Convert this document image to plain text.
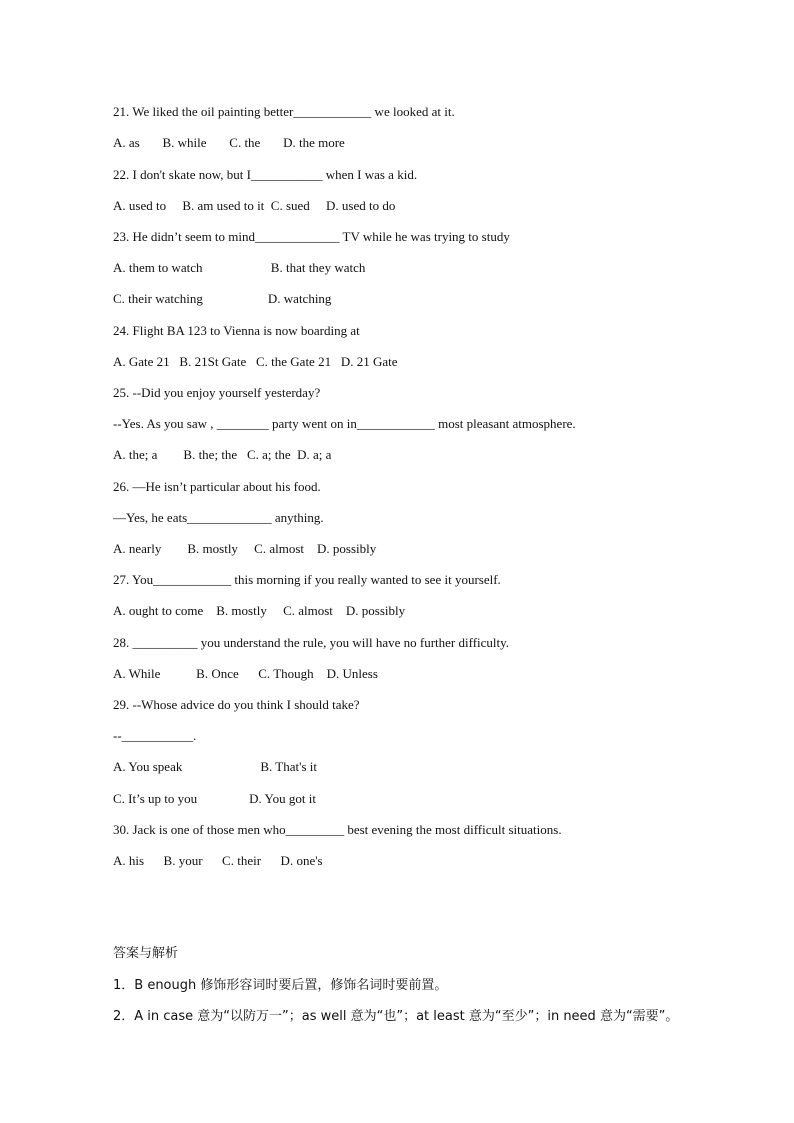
21. We liked the oil painting better____________ we looked at it.
A. as       B. while       C. the       D. the more
22. I don't skate now, but I___________ when I was a kid.
A. used to     B. am used to it  C. sued     D. used to do
23. He didn’t seem to mind_____________ TV while he was trying to study
A. them to watch                     B. that they watch
C. their watching                    D. watching
24. Flight BA 123 to Vienna is now boarding at
A. Gate 21   B. 21St Gate   C. the Gate 21   D. 21 Gate
25. --Did you enjoy yourself yesterday?
--Yes. As you saw , ________ party went on in____________ most pleasant atmosphere.
A. the; a        B. the; the   C. a; the  D. a; a
26. —He isn’t particular about his food.
—Yes, he eats_____________ anything.
A. nearly        B. mostly     C. almost    D. possibly
27. You____________ this morning if you really wanted to see it yourself.
A. ought to come    B. mostly     C. almost    D. possibly
28. __________ you understand the rule, you will have no further difficulty.
A. While           B. Once      C. Though    D. Unless
29. --Whose advice do you think I should take?
--___________.
A. You speak                        B. That's it
C. It’s up to you                D. You got it
30. Jack is one of those men who_________ best evening the most difficult situations.
A. his      B. your      C. their      D. one's
答案与解析
1．B enough 修饰形容词时要后置，修饰名词时要前置。
2．A in case 意为“以防万一”；as well 意为“也”；at least 意为“至少”；in need 意为“需要”。
